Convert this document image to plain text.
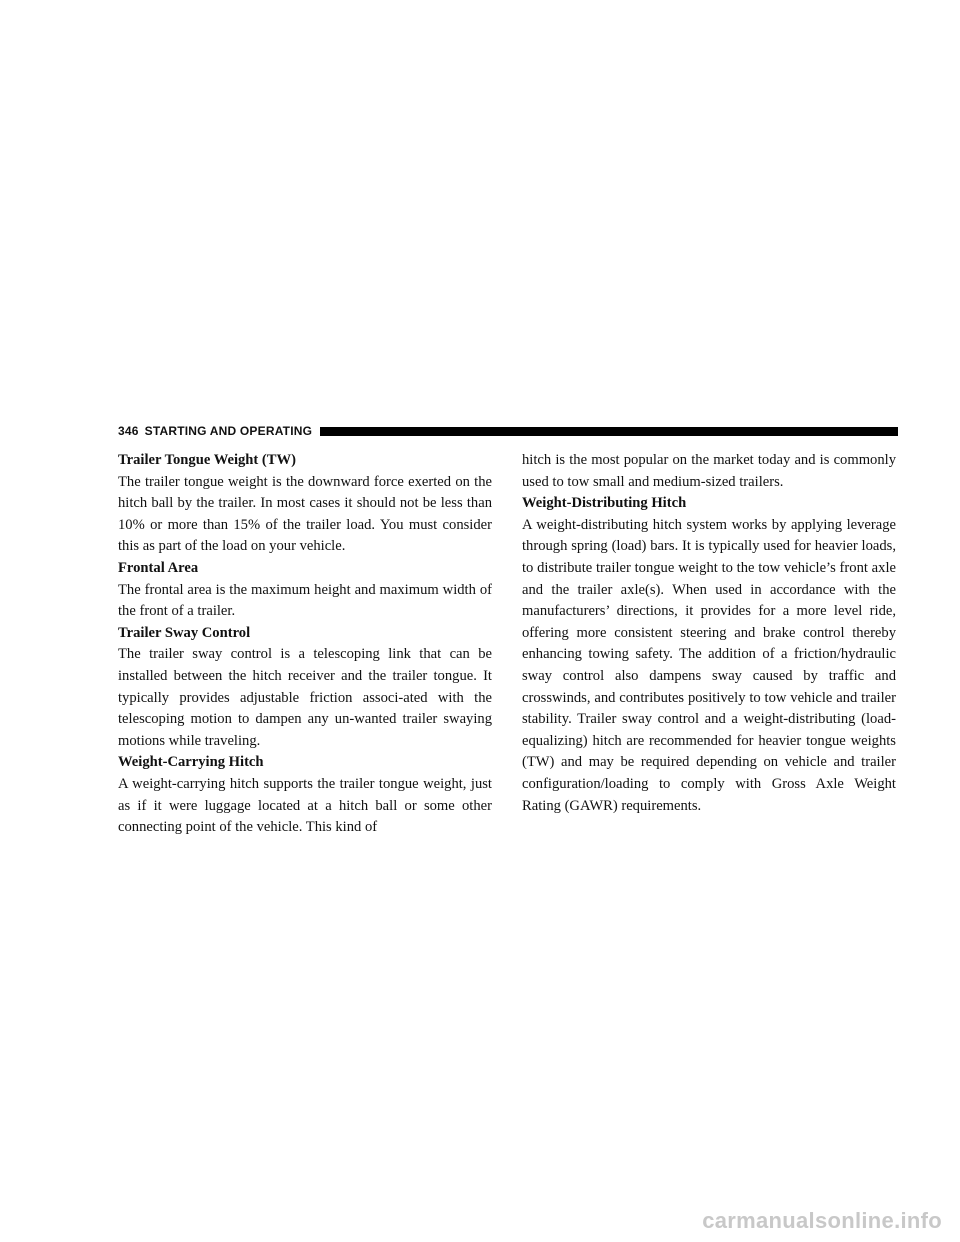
346 STARTING AND OPERATING
Trailer Tongue Weight (TW)

The trailer tongue weight is the downward force exerted on the hitch ball by the trailer. In most cases it should not be less than 10% or more than 15% of the trailer load. You must consider this as part of the load on your vehicle.

Frontal Area

The frontal area is the maximum height and maximum width of the front of a trailer.

Trailer Sway Control

The trailer sway control is a telescoping link that can be installed between the hitch receiver and the trailer tongue. It typically provides adjustable friction associ-ated with the telescoping motion to dampen any un-wanted trailer swaying motions while traveling.

Weight-Carrying Hitch

A weight-carrying hitch supports the trailer tongue weight, just as if it were luggage located at a hitch ball or some other connecting point of the vehicle. This kind of

hitch is the most popular on the market today and is commonly used to tow small and medium-sized trailers.

Weight-Distributing Hitch

A weight-distributing hitch system works by applying leverage through spring (load) bars. It is typically used for heavier loads, to distribute trailer tongue weight to the tow vehicle’s front axle and the trailer axle(s). When used in accordance with the manufacturers’ directions, it provides for a more level ride, offering more consistent steering and brake control thereby enhancing towing safety. The addition of a friction/hydraulic sway control also dampens sway caused by traffic and crosswinds, and contributes positively to tow vehicle and trailer stability. Trailer sway control and a weight-distributing (load-equalizing) hitch are recommended for heavier tongue weights (TW) and may be required depending on vehicle and trailer configuration/loading to comply with Gross Axle Weight Rating (GAWR) requirements.

carmanualsonline.info
